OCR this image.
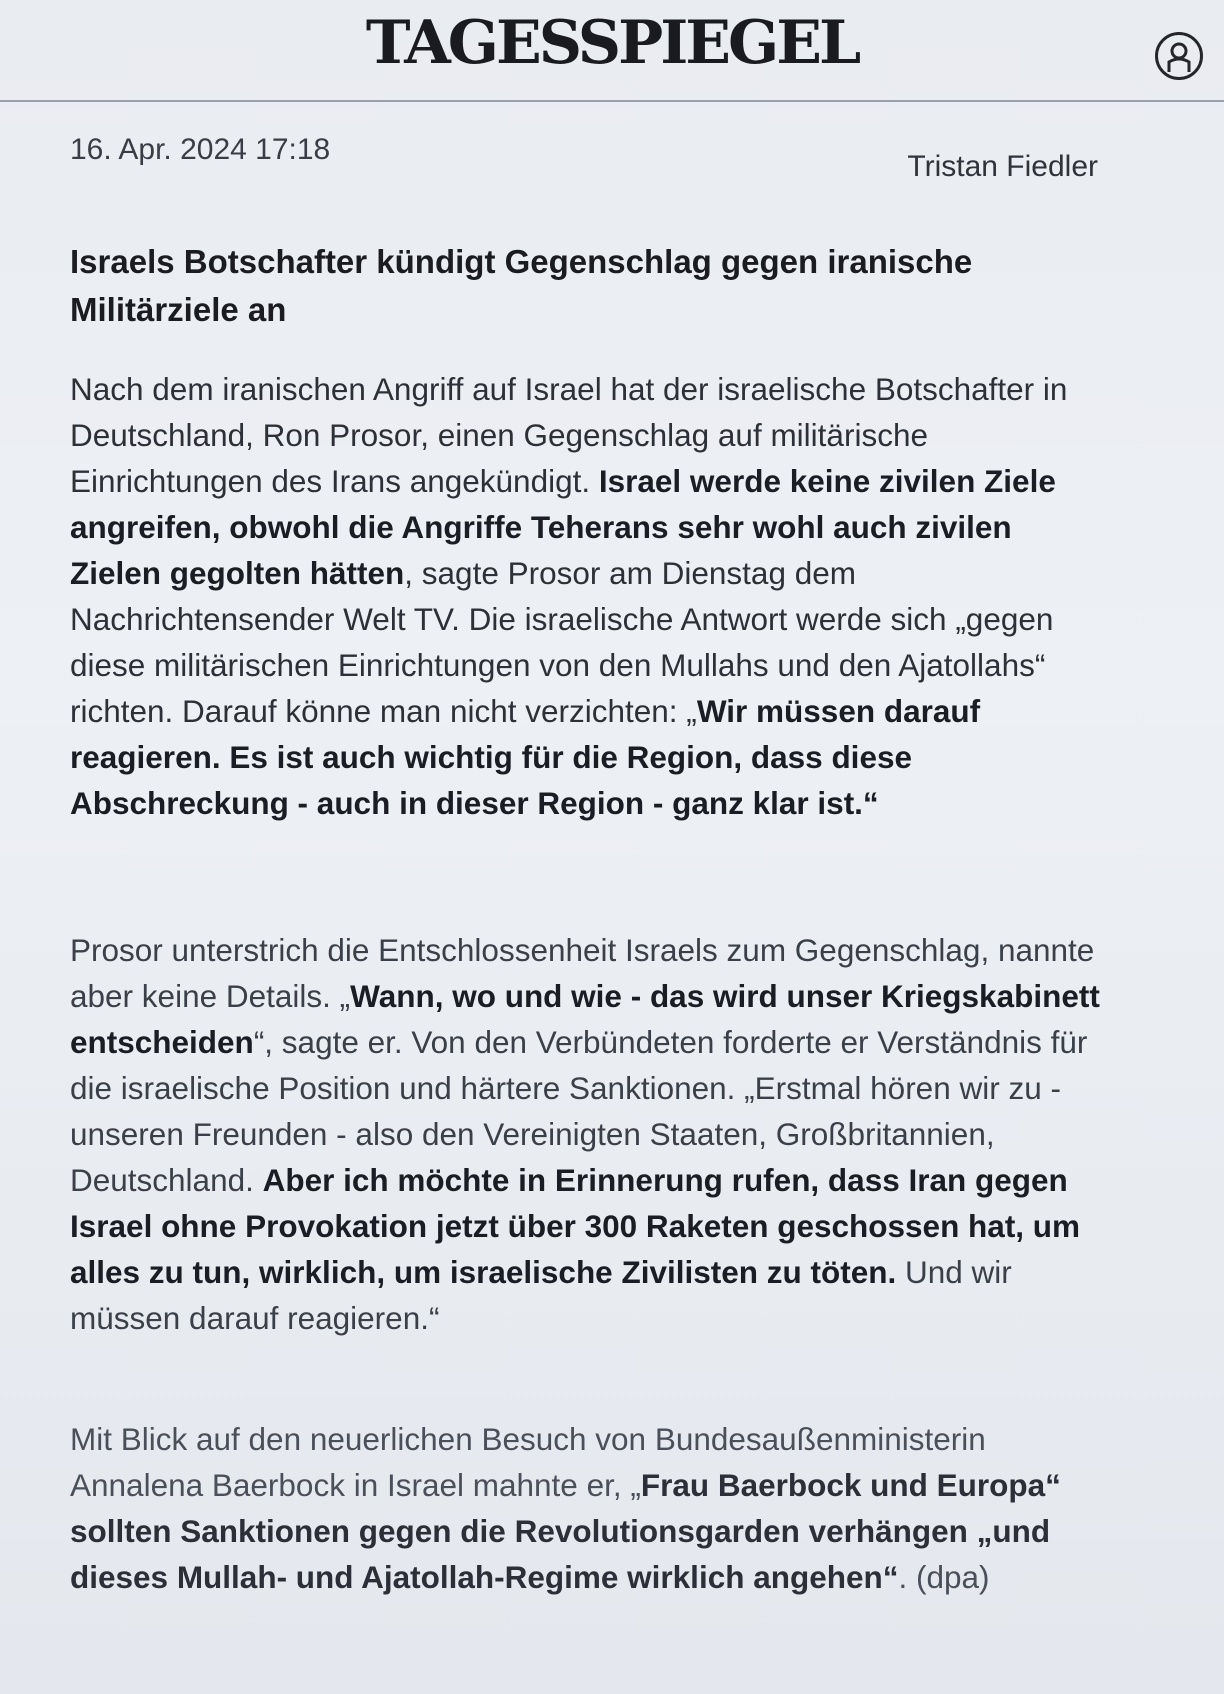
TAGESSPIEGEL
16. Apr. 2024 17:18
Tristan Fiedler
Israels Botschafter kündigt Gegenschlag gegen iranische Militärziele an

Nach dem iranischen Angriff auf Israel hat der israelische Botschafter in Deutschland, Ron Prosor, einen Gegenschlag auf militärische Einrichtungen des Irans angekündigt. Israel werde keine zivilen Ziele angreifen, obwohl die Angriffe Teherans sehr wohl auch zivilen Zielen gegolten hätten, sagte Prosor am Dienstag dem Nachrichtensender Welt TV. Die israelische Antwort werde sich „gegen diese militärischen Einrichtungen von den Mullahs und den Ajatollahs“ richten. Darauf könne man nicht verzichten: „Wir müssen darauf reagieren. Es ist auch wichtig für die Region, dass diese Abschreckung - auch in dieser Region - ganz klar ist.“

Prosor unterstrich die Entschlossenheit Israels zum Gegenschlag, nannte aber keine Details. „Wann, wo und wie - das wird unser Kriegskabinett entscheiden“, sagte er. Von den Verbündeten forderte er Verständnis für die israelische Position und härtere Sanktionen. „Erstmal hören wir zu - unseren Freunden - also den Vereinigten Staaten, Großbritannien, Deutschland. Aber ich möchte in Erinnerung rufen, dass Iran gegen Israel ohne Provokation jetzt über 300 Raketen geschossen hat, um alles zu tun, wirklich, um israelische Zivilisten zu töten. Und wir müssen darauf reagieren.“

Mit Blick auf den neuerlichen Besuch von Bundesaußenministerin Annalena Baerbock in Israel mahnte er, „Frau Baerbock und Europa“ sollten Sanktionen gegen die Revolutionsgarden verhängen „und dieses Mullah- und Ajatollah-Regime wirklich angehen“. (dpa)
